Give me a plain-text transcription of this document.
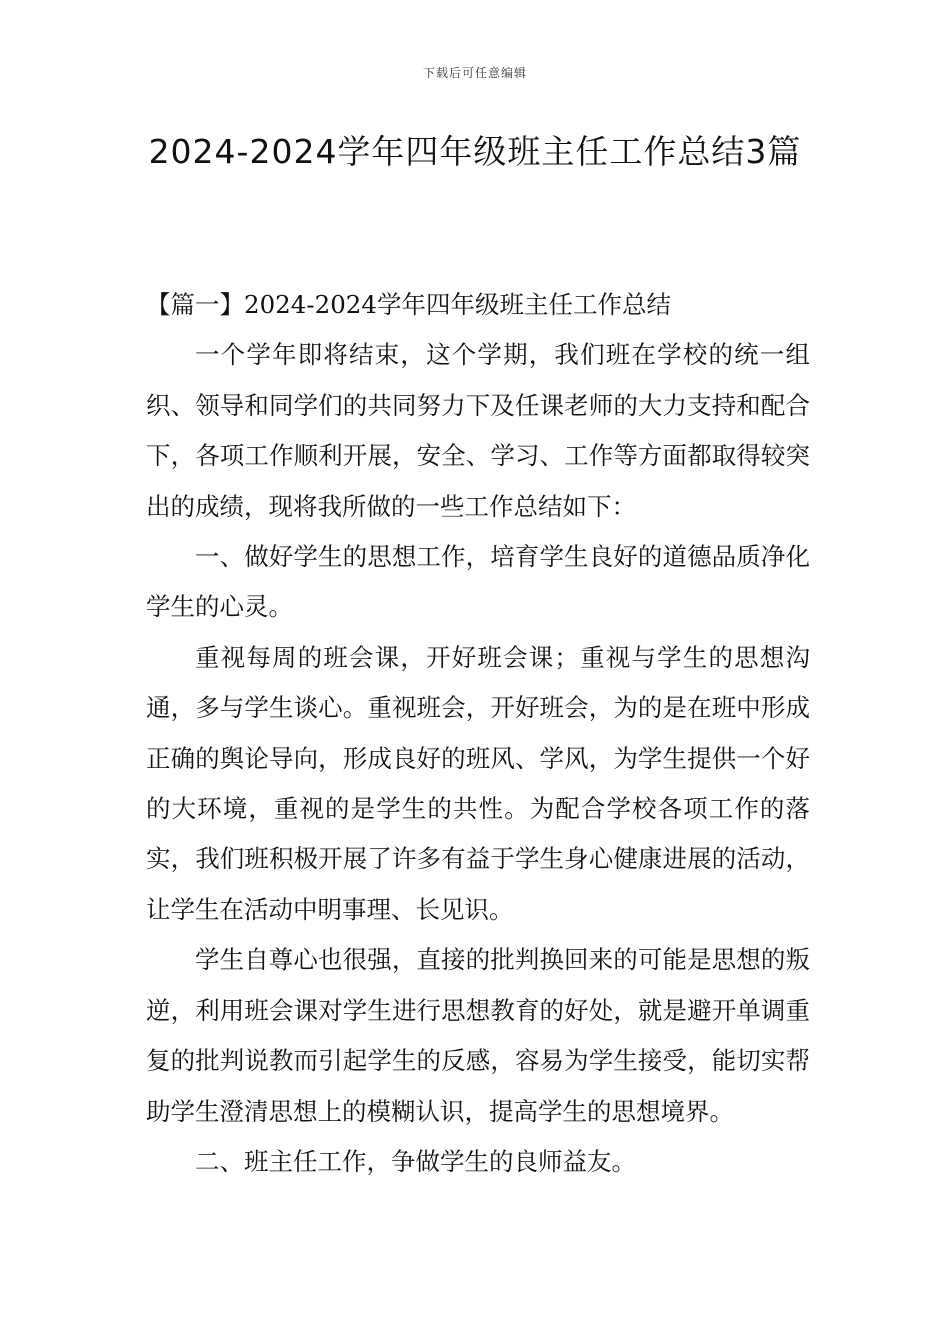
下载后可任意编辑
2024-2024学年四年级班主任工作总结3篇

【篇一】2024-2024学年四年级班主任工作总结

一个学年即将结束，这个学期，我们班在学校的统一组织、领导和同学们的共同努力下及任课老师的大力支持和配合下，各项工作顺利开展，安全、学习、工作等方面都取得较突出的成绩，现将我所做的一些工作总结如下：

一、做好学生的思想工作，培育学生良好的道德品质净化学生的心灵。

重视每周的班会课，开好班会课；重视与学生的思想沟通，多与学生谈心。重视班会，开好班会，为的是在班中形成正确的舆论导向，形成良好的班风、学风，为学生提供一个好的大环境，重视的是学生的共性。为配合学校各项工作的落实，我们班积极开展了许多有益于学生身心健康进展的活动，让学生在活动中明事理、长见识。

学生自尊心也很强，直接的批判换回来的可能是思想的叛逆，利用班会课对学生进行思想教育的好处，就是避开单调重复的批判说教而引起学生的反感，容易为学生接受，能切实帮助学生澄清思想上的模糊认识，提高学生的思想境界。

二、班主任工作，争做学生的良师益友。
